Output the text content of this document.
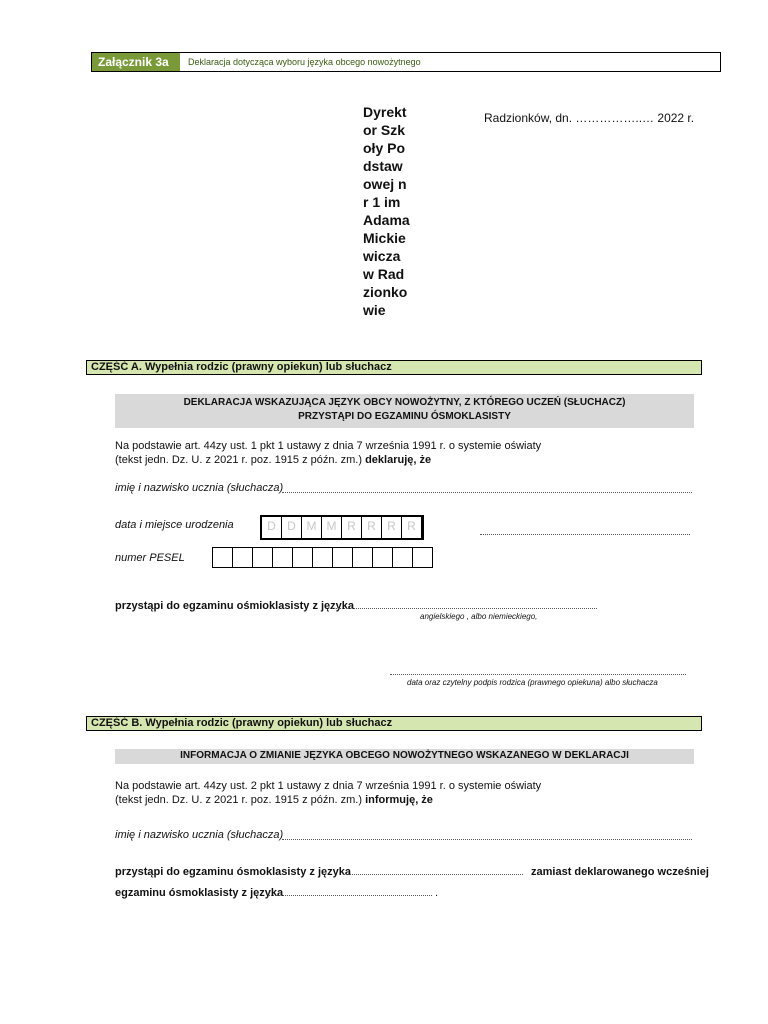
Załącznik 3a	Deklaracja dotycząca wyboru języka obcego nowożytnego
Dyrektor Szkoły Podstawowej nr 1 im Adama Mickiewicza w Radzionkowie
Radzionków, dn. ……………..… 2022 r.
CZĘŚĆ A. Wypełnia rodzic (prawny opiekun) lub słuchacz
DEKLARACJA WSKAZUJĄCA JĘZYK OBCY NOWOŻYTNY, Z KTÓREGO UCZEŃ (SŁUCHACZ)
PRZYSTĄPI DO EGZAMINU ÓSMOKLASISTY
Na podstawie art. 44zy ust. 1 pkt 1 ustawy z dnia 7 września 1991 r. o systemie oświaty
(tekst jedn. Dz. U. z 2021 r. poz. 1915 z późn. zm.) deklaruję, że
imię i nazwisko ucznia (słuchacza)
data i miejsce urodzenia	D D M M R R R R
numer PESEL
przystąpi do egzaminu ośmioklasisty z języka
angielskiego , albo niemieckiego,
data oraz czytelny podpis rodzica (prawnego opiekuna) albo słuchacza
CZĘŚĆ B. Wypełnia rodzic (prawny opiekun) lub słuchacz
INFORMACJA O ZMIANIE JĘZYKA OBCEGO NOWOŻYTNEGO WSKAZANEGO W DEKLARACJI
Na podstawie art. 44zy ust. 2 pkt 1 ustawy z dnia 7 września 1991 r. o systemie oświaty
(tekst jedn. Dz. U. z 2021 r. poz. 1915 z późn. zm.) informuję, że
imię i nazwisko ucznia (słuchacza)
przystąpi do egzaminu ósmoklasisty z języka	zamiast deklarowanego wcześniej
egzaminu ósmoklasisty z języka	.
